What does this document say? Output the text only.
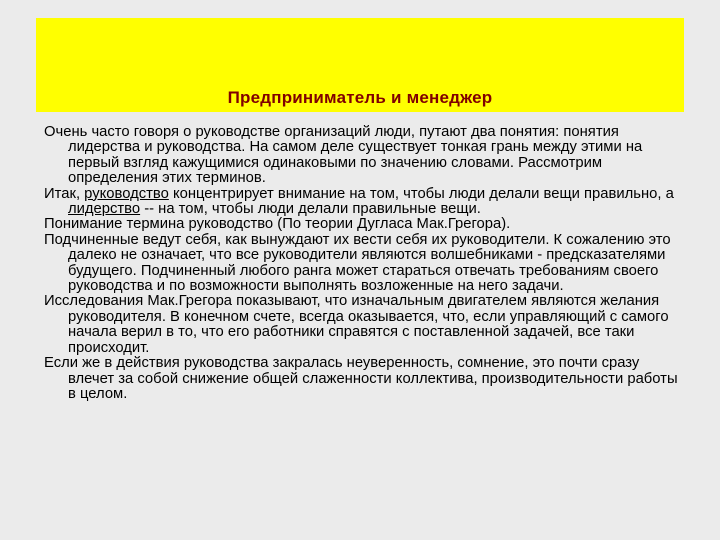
Предприниматель и менеджер

Очень часто говоря о руководстве организаций люди, путают два понятия: понятия лидерства и руководства. На самом деле существует тонкая грань между этими на первый взгляд кажущимися одинаковыми по значению словами. Рассмотрим определения этих терминов.

Итак, руководство концентрирует внимание на том, чтобы люди делали вещи правильно, а лидерство -- на том, чтобы люди делали правильные вещи.

Понимание термина руководство (По теории Дугласа Мак.Грегора).

Подчиненные ведут себя, как вынуждают их вести себя их руководители. К сожалению это далеко не означает, что все руководители являются волшебниками - предсказателями будущего. Подчиненный любого ранга может стараться отвечать требованиям своего руководства и по возможности выполнять возложенные на него задачи.

Исследования Мак.Грегора показывают, что изначальным двигателем являются желания руководителя. В конечном счете, всегда оказывается, что, если управляющий с самого начала верил в то, что его работники справятся с поставленной задачей, все таки происходит.

Если же в действия руководства закралась неуверенность, сомнение, это почти сразу влечет за собой снижение общей слаженности коллектива, производительности работы в целом.
